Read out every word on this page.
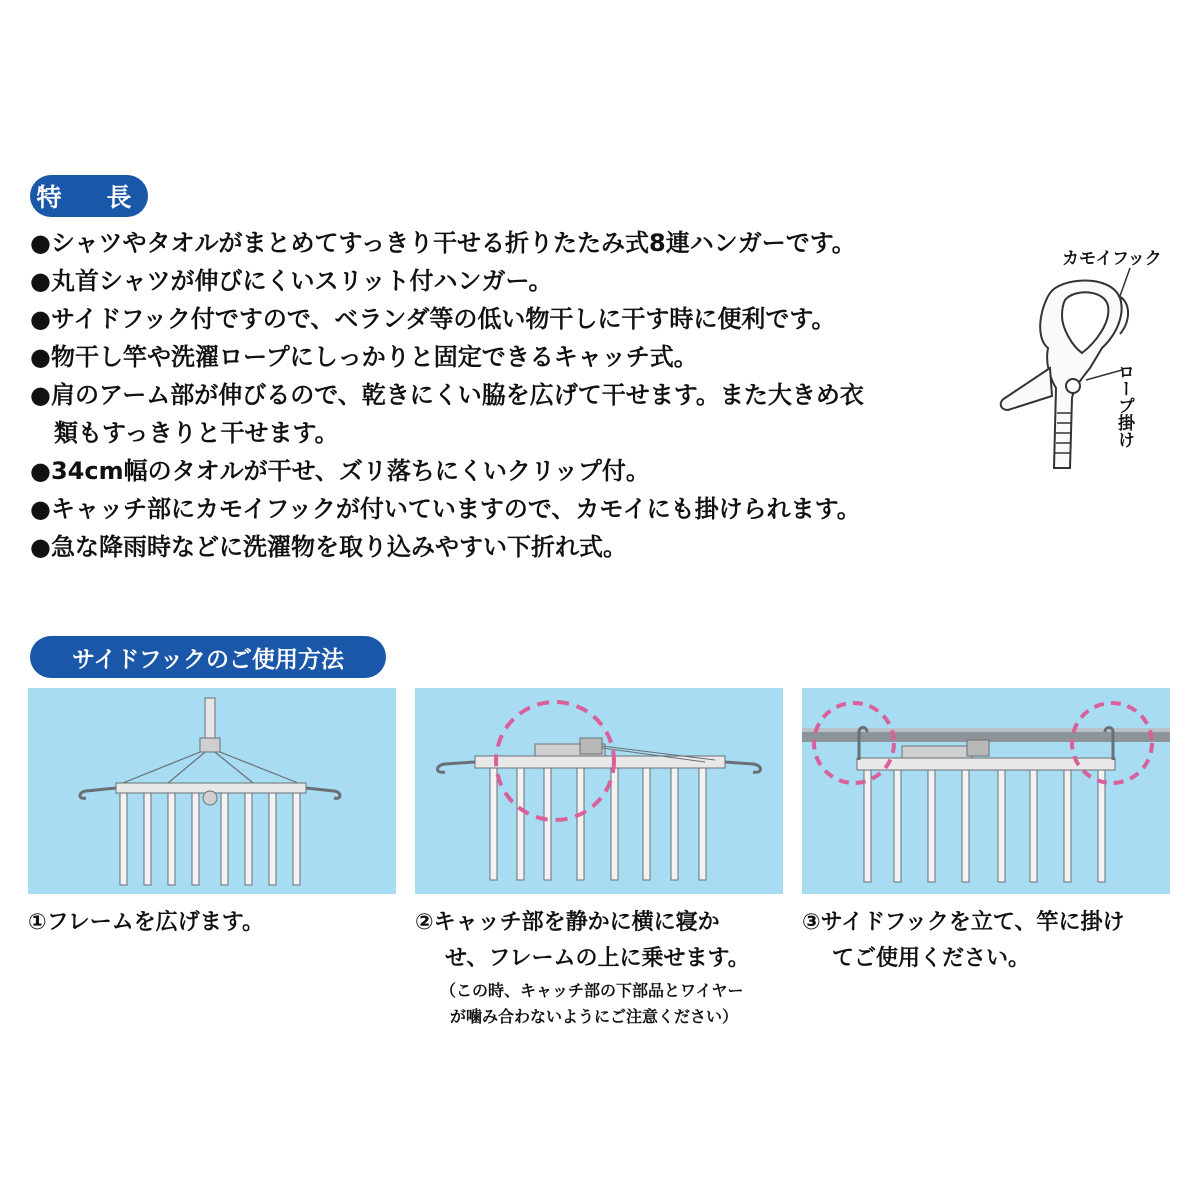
特　長
●シャツやタオルがまとめてすっきり干せる折りたたみ式8連ハンガーです。
●丸首シャツが伸びにくいスリット付ハンガー。
●サイドフック付ですので、ベランダ等の低い物干しに干す時に便利です。
●物干し竿や洗濯ロープにしっかりと固定できるキャッチ式。
●肩のアーム部が伸びるので、乾きにくい脇を広げて干せます。また大きめ衣
類もすっきりと干せます。
●34cm幅のタオルが干せ、ズリ落ちにくいクリップ付。
●キャッチ部にカモイフックが付いていますので、カモイにも掛けられます。
●急な降雨時などに洗濯物を取り込みやすい下折れ式。
カモイフック
ロープ掛け
サイドフックのご使用方法
①フレームを広げます。	②キャッチ部を静かに横に寝か
せ、フレームの上に乗せます。
（この時、キャッチ部の下部品とワイヤー
が噛み合わないようにご注意ください）
③サイドフックを立て、竿に掛け
てご使用ください。
